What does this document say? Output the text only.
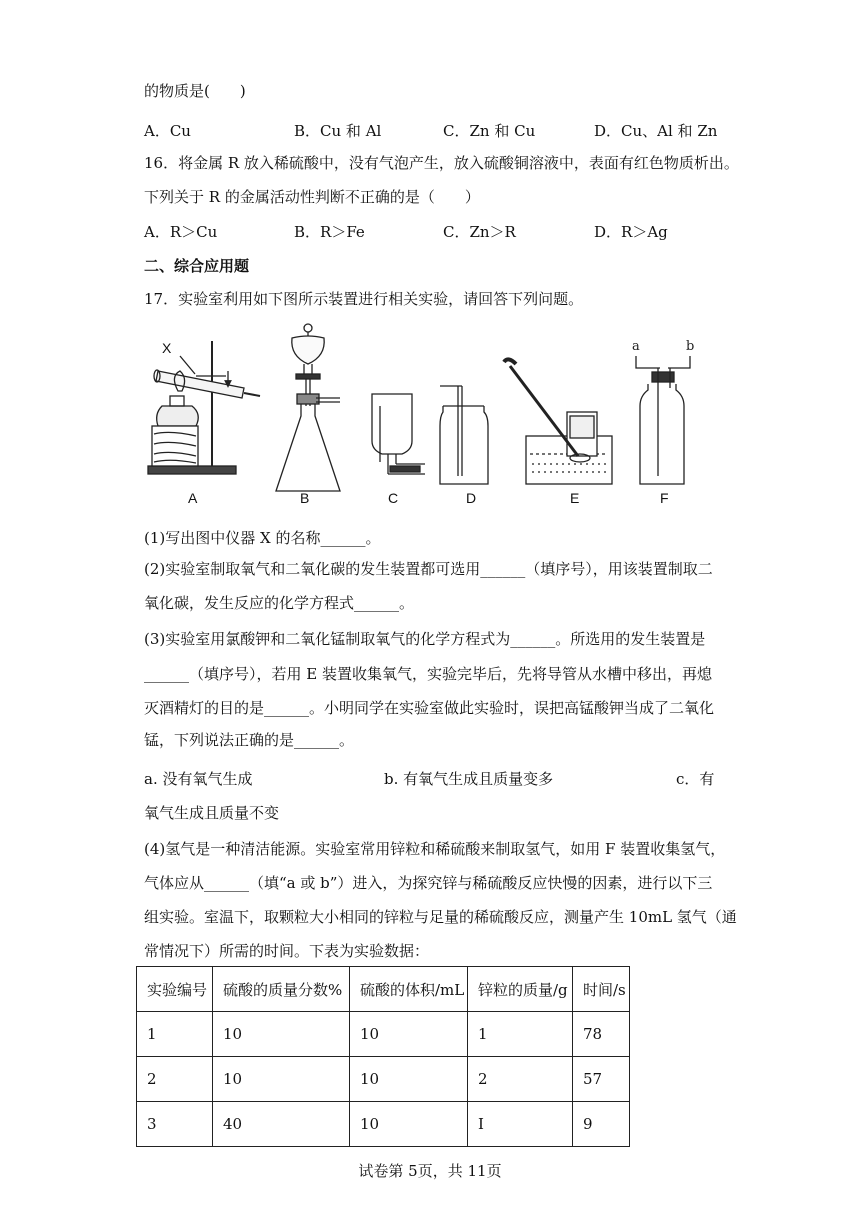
的物质是(　　)
A．Cu	B．Cu 和 Al	C．Zn 和 Cu	D．Cu、Al 和 Zn
16．将金属 R 放入稀硫酸中，没有气泡产生，放入硫酸铜溶液中，表面有红色物质析出。
下列关于 R 的金属活动性判断不正确的是（　　）
A．R＞Cu	B．R＞Fe	C．Zn＞R	D．R＞Ag
二、综合应用题
17．实验室利用如下图所示装置进行相关实验，请回答下列问题。
a	b
X
A	B	C	D	E	F
(1)写出图中仪器 X 的名称______。
(2)实验室制取氧气和二氧化碳的发生装置都可选用______（填序号），用该装置制取二
氧化碳，发生反应的化学方程式______。
(3)实验室用氯酸钾和二氧化锰制取氧气的化学方程式为______。所选用的发生装置是
______（填序号），若用 E 装置收集氧气，实验完毕后，先将导管从水槽中移出，再熄
灭酒精灯的目的是______。小明同学在实验室做此实验时，误把高锰酸钾当成了二氧化
锰，下列说法正确的是______。
a. 没有氧气生成	b. 有氧气生成且质量变多	c．有
氧气生成且质量不变
(4)氢气是一种清洁能源。实验室常用锌粒和稀硫酸来制取氢气，如用 F 装置收集氢气，
气体应从______（填“a 或 b”）进入，为探究锌与稀硫酸反应快慢的因素，进行以下三
组实验。室温下，取颗粒大小相同的锌粒与足量的稀硫酸反应，测量产生 10mL 氢气（通
常情况下）所需的时间。下表为实验数据：
实验编号	硫酸的质量分数%	硫酸的体积/mL	锌粒的质量/g	时间/s
1	10	10	1	78
2	10	10	2	57
3	40	10	I	9
试卷第 5页，共 11页
